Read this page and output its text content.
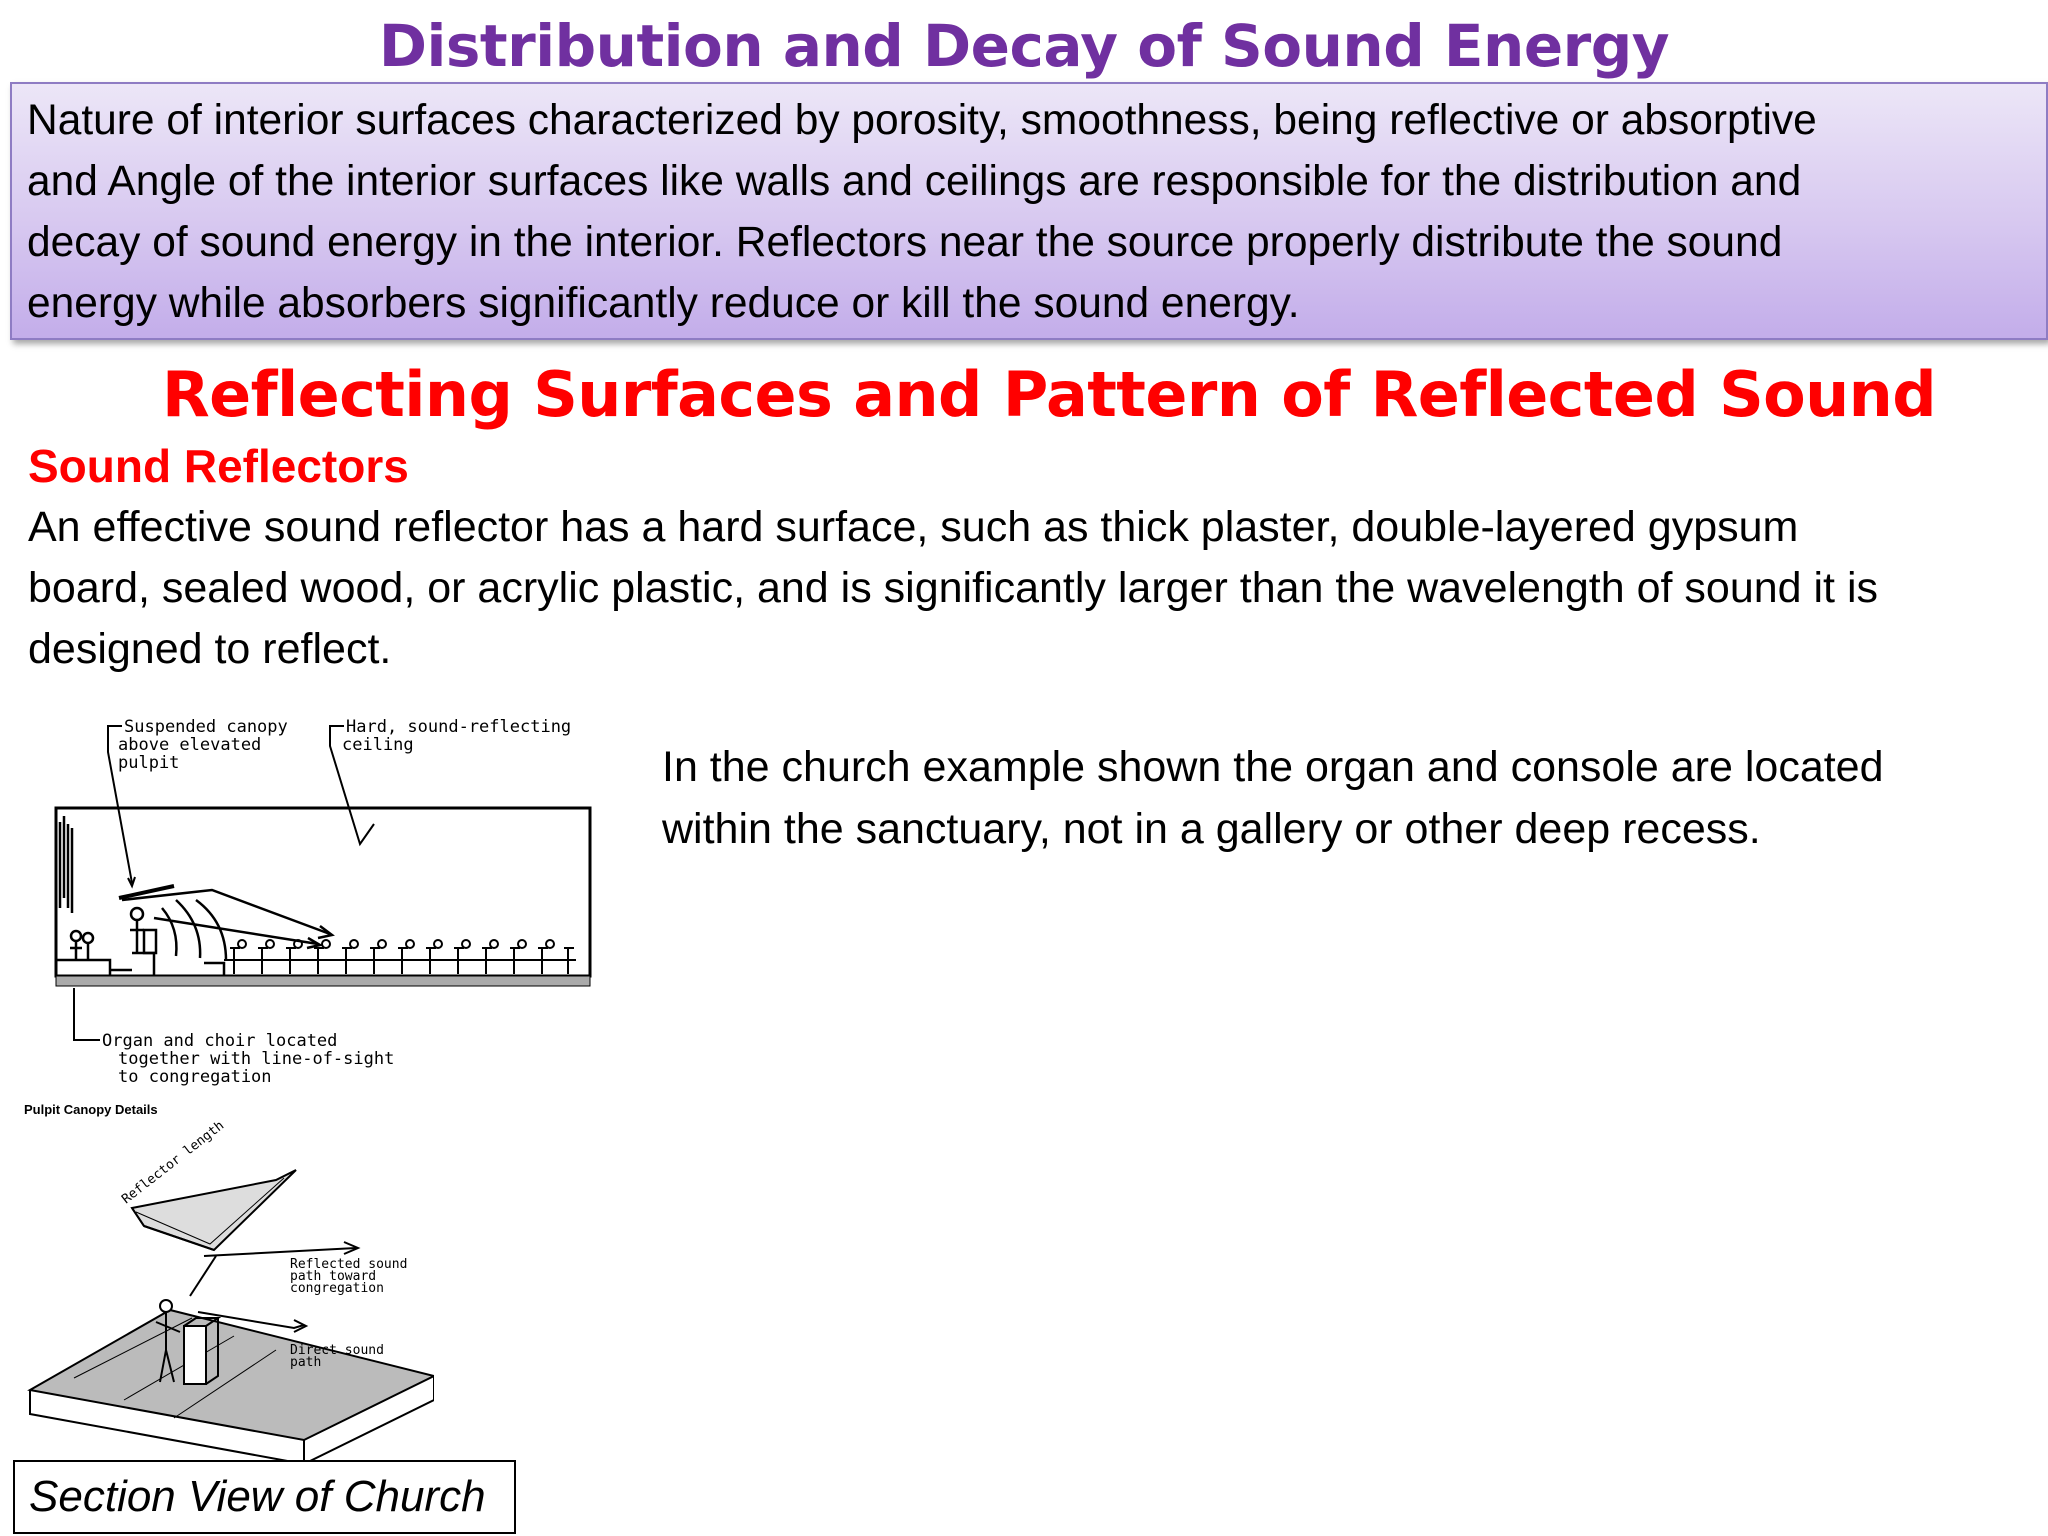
Distribution and Decay of Sound Energy
Nature of interior surfaces characterized by porosity, smoothness, being reflective or absorptive
and Angle of the interior surfaces like walls and ceilings are responsible for the distribution and
decay of sound energy in the interior. Reflectors near the source properly distribute the sound
energy while absorbers significantly reduce or kill the sound energy.
Reflecting Surfaces and Pattern of Reflected Sound
Sound Reflectors
An effective sound reflector has a hard surface, such as thick plaster, double-layered gypsum
board, sealed wood, or acrylic plastic, and is significantly larger than the wavelength of sound it is
designed to reflect.
In the church example shown the organ and console are located
within the sanctuary, not in a gallery or other deep recess.
Suspended canopy
above elevated
pulpit
Hard, sound-reflecting
ceiling
Organ and choir located
together with line-of-sight
to congregation
Pulpit Canopy Details
Reflector length
Reflected sound
path toward
congregation
Direct sound
path
Section View of Church
